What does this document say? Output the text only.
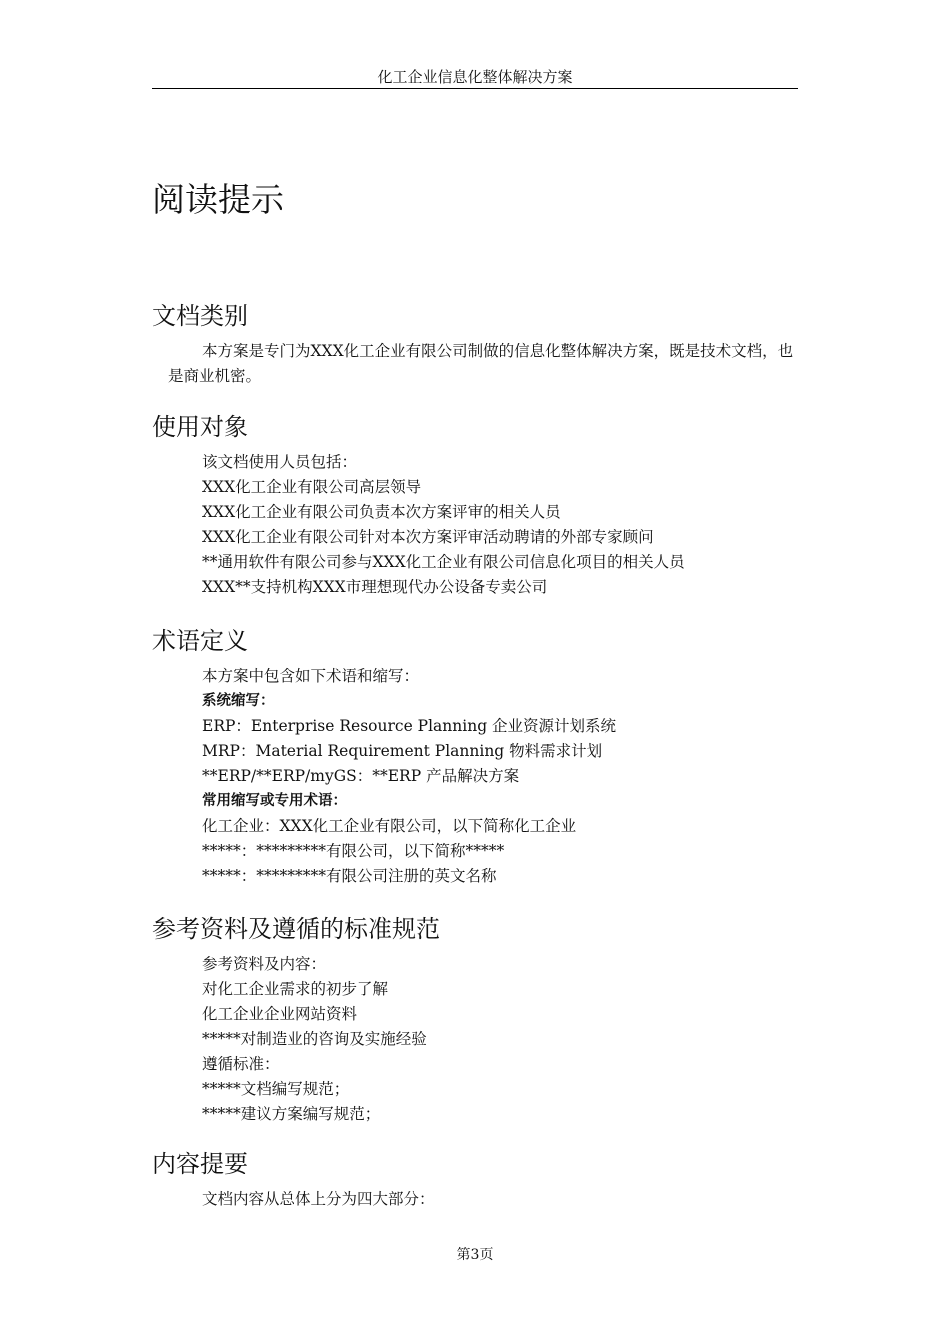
化工企业信息化整体解决方案
阅读提示
文档类别

本方案是专门为XXX化工企业有限公司制做的信息化整体解决方案，既是技术文档，也是商业机密。

使用对象

该文档使用人员包括：

XXX化工企业有限公司高层领导

XXX化工企业有限公司负责本次方案评审的相关人员

XXX化工企业有限公司针对本次方案评审活动聘请的外部专家顾问

**通用软件有限公司参与XXX化工企业有限公司信息化项目的相关人员

XXX**支持机构XXX市理想现代办公设备专卖公司

术语定义

本方案中包含如下术语和缩写：

系统缩写：

ERP：Enterprise Resource Planning 企业资源计划系统

MRP：Material Requirement Planning 物料需求计划

**ERP/**ERP/myGS：**ERP 产品解决方案

常用缩写或专用术语：

化工企业：XXX化工企业有限公司，以下简称化工企业

*****：*********有限公司，以下简称*****

*****：*********有限公司注册的英文名称

参考资料及遵循的标准规范

参考资料及内容：

对化工企业需求的初步了解

化工企业企业网站资料

*****对制造业的咨询及实施经验

遵循标准：

*****文档编写规范；

*****建议方案编写规范；

内容提要

文档内容从总体上分为四大部分：

第3页
